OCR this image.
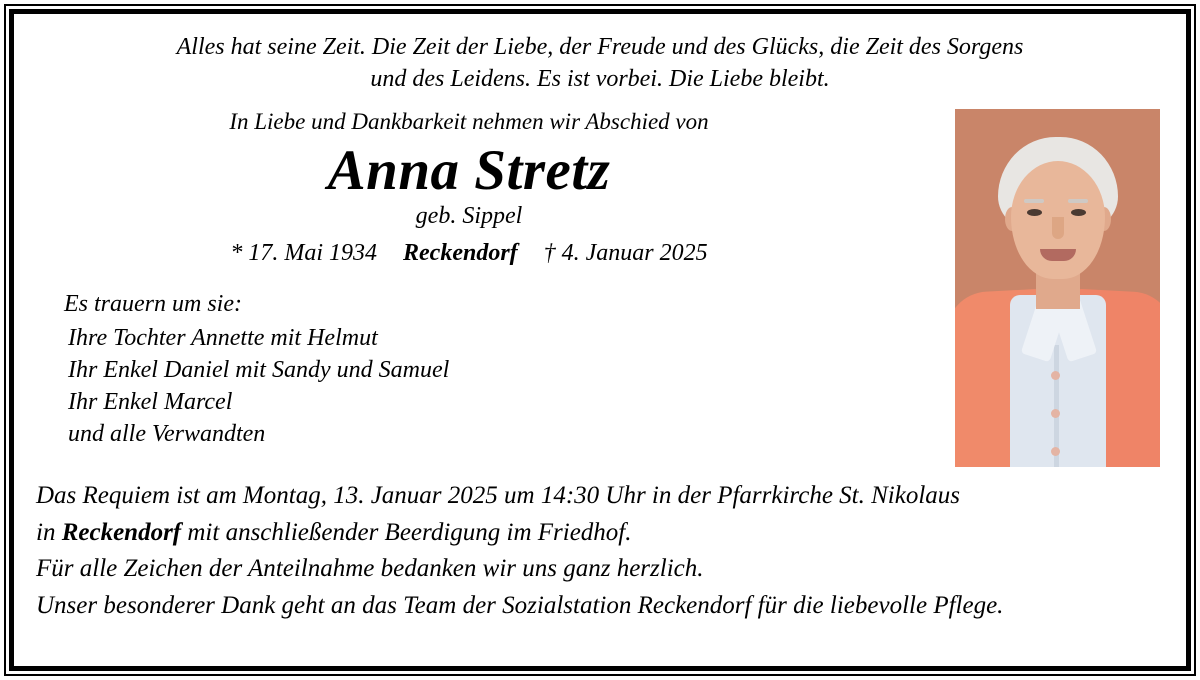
Alles hat seine Zeit. Die Zeit der Liebe, der Freude und des Glücks, die Zeit des Sorgens
und des Leidens. Es ist vorbei. Die Liebe bleibt.
In Liebe und Dankbarkeit nehmen wir Abschied von
Anna Stretz
geb. Sippel
* 17. Mai 1934 Reckendorf † 4. Januar 2025
Es trauern um sie:
Ihre Tochter Annette mit Helmut
Ihr Enkel Daniel mit Sandy und Samuel
Ihr Enkel Marcel
und alle Verwandten

Das Requiem ist am Montag, 13. Januar 2025 um 14:30 Uhr in der Pfarrkirche St. Nikolaus

in Reckendorf mit anschließender Beerdigung im Friedhof.

Für alle Zeichen der Anteilnahme bedanken wir uns ganz herzlich.

Unser besonderer Dank geht an das Team der Sozialstation Reckendorf für die liebevolle Pflege.
